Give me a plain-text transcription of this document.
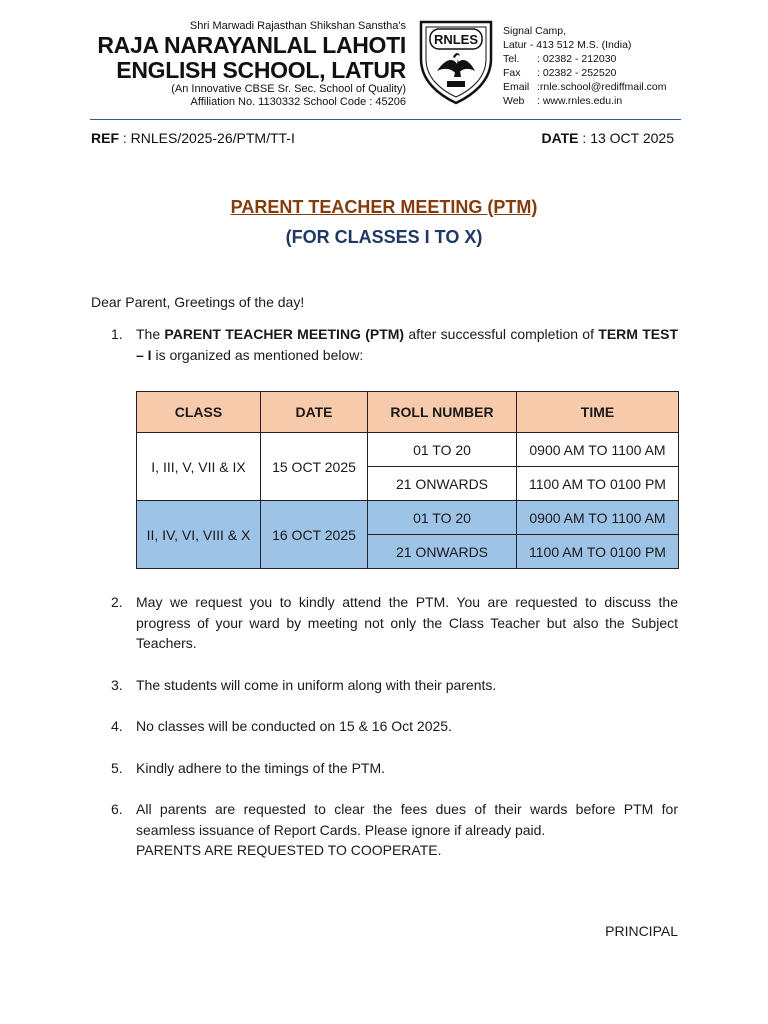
Shri Marwadi Rajasthan Shikshan Sanstha's
RAJA NARAYANLAL LAHOTI
ENGLISH SCHOOL, LATUR
(An Innovative CBSE Sr. Sec. School of Quality)
Affiliation No. 1130332 School Code : 45206
RNLES
Signal Camp,
Latur - 413 512 M.S. (India)
Tel. : 02382 - 212030
Fax : 02382 - 252520
Email :rnle.school@rediffmail.com
Web : www.rnles.edu.in
REF : RNLES/2025-26/PTM/TT-I	DATE : 13 OCT 2025
PARENT TEACHER MEETING (PTM)
(FOR CLASSES I TO X)
Dear Parent, Greetings of the day!
1. The PARENT TEACHER MEETING (PTM) after successful completion of TERM TEST – I is organized as mentioned below:
CLASS	DATE	ROLL NUMBER	TIME
I, III, V, VII & IX	15 OCT 2025	01 TO 20	0900 AM TO 1100 AM
		21 ONWARDS	1100 AM TO 0100 PM
II, IV, VI, VIII & X	16 OCT 2025	01 TO 20	0900 AM TO 1100 AM
		21 ONWARDS	1100 AM TO 0100 PM
2. May we request you to kindly attend the PTM. You are requested to discuss the progress of your ward by meeting not only the Class Teacher but also the Subject Teachers.
3. The students will come in uniform along with their parents.
4. No classes will be conducted on 15 & 16 Oct 2025.
5. Kindly adhere to the timings of the PTM.
6. All parents are requested to clear the fees dues of their wards before PTM for seamless issuance of Report Cards. Please ignore if already paid.
PARENTS ARE REQUESTED TO COOPERATE.
PRINCIPAL
